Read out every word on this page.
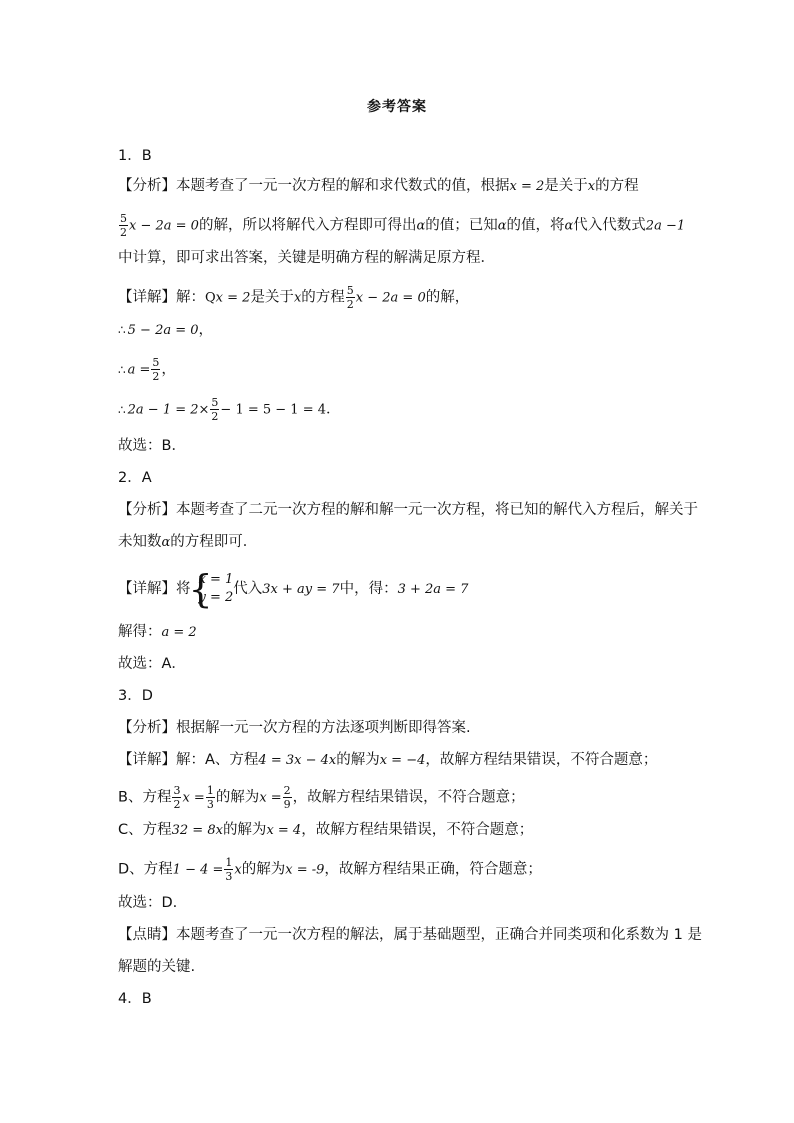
参考答案
1．B
【分析】本题考查了一元一次方程的解和求代数式的值，根据x = 2是关于x的方程
$\frac{5}{2}$ x − 2a = 0的解，所以将解代入方程即可得出α的值；已知α的值，将α代入代数式2a −1
中计算，即可求出答案，关键是明确方程的解满足原方程．
【详解】解：Qx = 2是关于x的方程 $\frac{5}{2}$ x − 2a = 0的解，
∴ 5 − 2a = 0，
∴ $a = \frac{5}{2}$ ，
∴ $2a - 1 = 2\times \frac{5}{2} - 1 = 5 - 1 = 4$．
故选：B．
2．A
【分析】本题考查了二元一次方程的解和解一元一次方程，将已知的解代入方程后，解关于
未知数α的方程即可．
【详解】将
{ x = 1
y = 2
代入3x + ay = 7中，得：3 + 2a = 7
解得：a = 2
故选：A．
3．D
【分析】根据解一元一次方程的方法逐项判断即得答案.
【详解】解：A、方程4 = 3x − 4x的解为x = −4，故解方程结果错误，不符合题意；
B、方程 $\frac{3}{2}$ $x = \frac{1}{3}$ 的解为$x = \frac{2}{9}$ ，故解方程结果错误，不符合题意；
C、方程32 = 8x的解为x = 4，故解方程结果错误，不符合题意；
D、方程$1 - 4 = \frac{1}{3}$ x的解为x = -9，故解方程结果正确，符合题意；
故选：D.
【点睛】本题考查了一元一次方程的解法，属于基础题型，正确合并同类项和化系数为 1 是
解题的关键.
4．B
